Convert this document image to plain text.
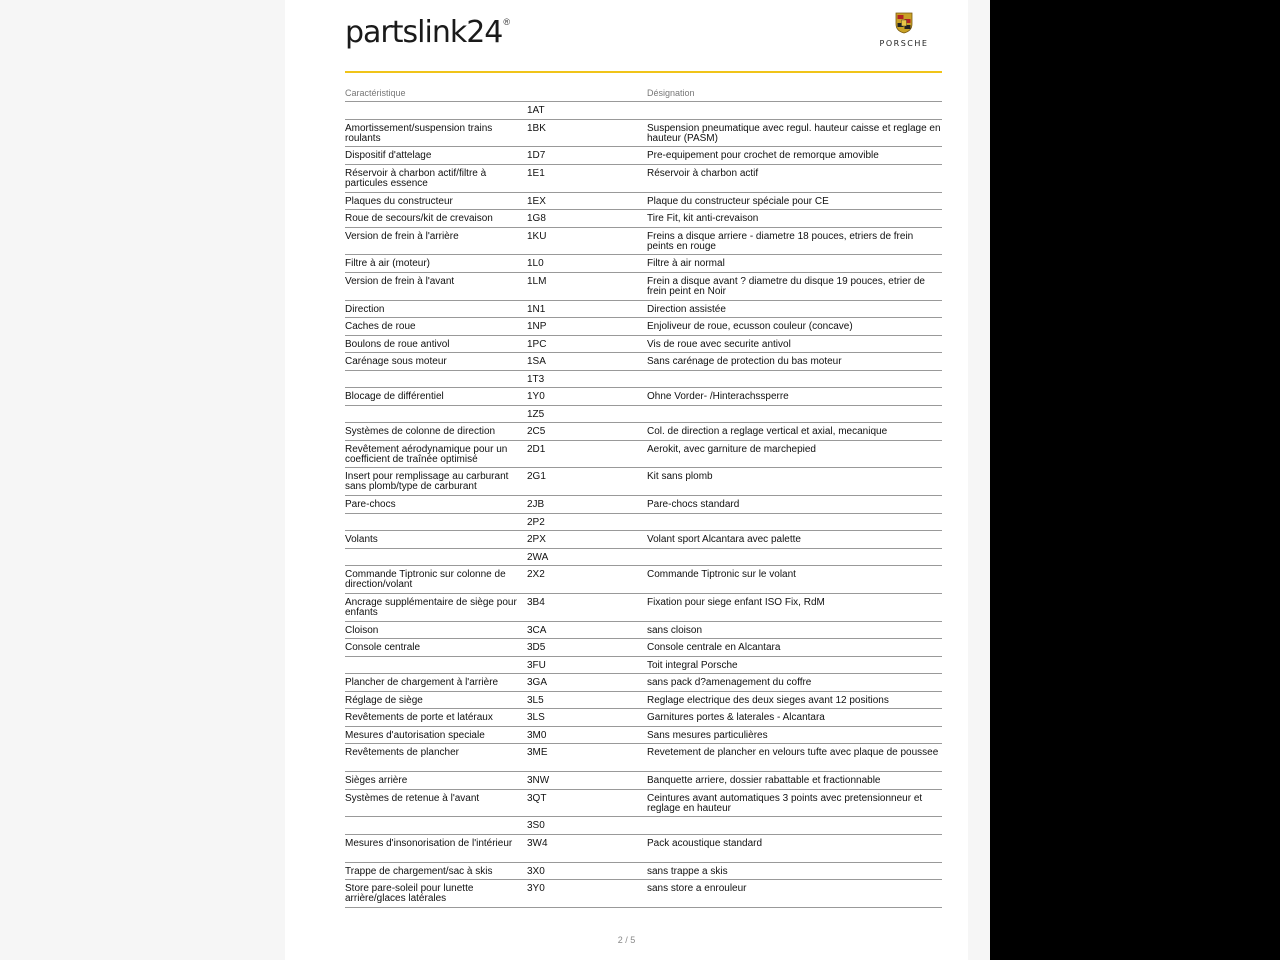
partslink24 ®
PORSCHE
Caractéristique		Désignation
	1AT	
Amortissement/suspension trains roulants	1BK	Suspension pneumatique avec regul. hauteur caisse et reglage en hauteur (PASM)
Dispositif d'attelage	1D7	Pre-equipement pour crochet de remorque amovible
Réservoir à charbon actif/filtre à particules essence	1E1	Réservoir à charbon actif
Plaques du constructeur	1EX	Plaque du constructeur spéciale pour CE
Roue de secours/kit de crevaison	1G8	Tire Fit, kit anti-crevaison
Version de frein à l'arrière	1KU	Freins a disque arriere - diametre 18 pouces, etriers de frein peints en rouge
Filtre à air (moteur)	1L0	Filtre à air normal
Version de frein à l'avant	1LM	Frein a disque avant ? diametre du disque 19 pouces, etrier de frein peint en Noir
Direction	1N1	Direction assistée
Caches de roue	1NP	Enjoliveur de roue, ecusson couleur (concave)
Boulons de roue antivol	1PC	Vis de roue avec securite antivol
Carénage sous moteur	1SA	Sans carénage de protection du bas moteur
	1T3	
Blocage de différentiel	1Y0	Ohne Vorder- /Hinterachssperre
	1Z5	
Systèmes de colonne de direction	2C5	Col. de direction a reglage vertical et axial, mecanique
Revêtement aérodynamique pour un coefficient de traînée optimisé	2D1	Aerokit, avec garniture de marchepied
Insert pour remplissage au carburant sans plomb/type de carburant	2G1	Kit sans plomb
Pare-chocs	2JB	Pare-chocs standard
	2P2	
Volants	2PX	Volant sport Alcantara avec palette
	2WA	
Commande Tiptronic sur colonne de direction/volant	2X2	Commande Tiptronic sur le volant
Ancrage supplémentaire de siège pour enfants	3B4	Fixation pour siege enfant ISO Fix, RdM
Cloison	3CA	sans cloison
Console centrale	3D5	Console centrale en Alcantara
	3FU	Toit integral Porsche
Plancher de chargement à l'arrière	3GA	sans pack d?amenagement du coffre
Réglage de siège	3L5	Reglage electrique des deux sieges avant 12 positions
Revêtements de porte et latéraux	3LS	Garnitures portes & laterales - Alcantara
Mesures d'autorisation speciale	3M0	Sans mesures particulières
Revêtements de plancher	3ME	Revetement de plancher en velours tufte avec plaque de poussee
Sièges arrière	3NW	Banquette arriere, dossier rabattable et fractionnable
Systèmes de retenue à l'avant	3QT	Ceintures avant automatiques 3 points avec pretensionneur et reglage en hauteur
	3S0	
Mesures d'insonorisation de l'intérieur	3W4	Pack acoustique standard
Trappe de chargement/sac à skis	3X0	sans trappe a skis
Store pare-soleil pour lunette arrière/glaces latérales	3Y0	sans store a enrouleur
2 / 5
